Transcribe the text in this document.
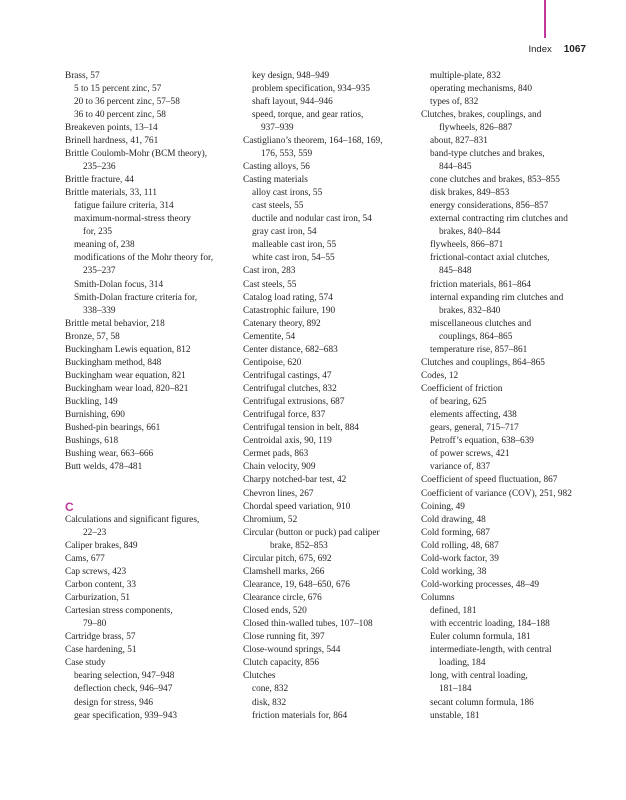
Index 1067
Brass, 57
5 to 15 percent zinc, 57
20 to 36 percent zinc, 57–58
36 to 40 percent zinc, 58
Breakeven points, 13–14
Brinell hardness, 41, 761
Brittle Coulomb-Mohr (BCM theory),
235–236
Brittle fracture, 44
Brittle materials, 33, 111
fatigue failure criteria, 314
maximum-normal-stress theory
for, 235
meaning of, 238
modifications of the Mohr theory for,
235–237
Smith-Dolan focus, 314
Smith-Dolan fracture criteria for,
338–339
Brittle metal behavior, 218
Bronze, 57, 58
Buckingham Lewis equation, 812
Buckingham method, 848
Buckingham wear equation, 821
Buckingham wear load, 820–821
Buckling, 149
Burnishing, 690
Bushed-pin bearings, 661
Bushings, 618
Bushing wear, 663–666
Butt welds, 478–481
C
Calculations and significant figures,
22–23
Caliper brakes, 849
Cams, 677
Cap screws, 423
Carbon content, 33
Carburization, 51
Cartesian stress components,
79–80
Cartridge brass, 57
Case hardening, 51
Case study
bearing selection, 947–948
deflection check, 946–947
design for stress, 946
gear specification, 939–943
key design, 948–949
problem specification, 934–935
shaft layout, 944–946
speed, torque, and gear ratios,
937–939
Castigliano’s theorem, 164–168, 169,
176, 553, 559
Casting alloys, 56
Casting materials
alloy cast irons, 55
cast steels, 55
ductile and nodular cast iron, 54
gray cast iron, 54
malleable cast iron, 55
white cast iron, 54–55
Cast iron, 283
Cast steels, 55
Catalog load rating, 574
Catastrophic failure, 190
Catenary theory, 892
Cementite, 54
Center distance, 682–683
Centipoise, 620
Centrifugal castings, 47
Centrifugal clutches, 832
Centrifugal extrusions, 687
Centrifugal force, 837
Centrifugal tension in belt, 884
Centroidal axis, 90, 119
Cermet pads, 863
Chain velocity, 909
Charpy notched-bar test, 42
Chevron lines, 267
Chordal speed variation, 910
Chromium, 52
Circular (button or puck) pad caliper
brake, 852–853
Circular pitch, 675, 692
Clamshell marks, 266
Clearance, 19, 648–650, 676
Clearance circle, 676
Closed ends, 520
Closed thin-walled tubes, 107–108
Close running fit, 397
Close-wound springs, 544
Clutch capacity, 856
Clutches
cone, 832
disk, 832
friction materials for, 864
multiple-plate, 832
operating mechanisms, 840
types of, 832
Clutches, brakes, couplings, and
flywheels, 826–887
about, 827–831
band-type clutches and brakes,
844–845
cone clutches and brakes, 853–855
disk brakes, 849–853
energy considerations, 856–857
external contracting rim clutches and
brakes, 840–844
flywheels, 866–871
frictional-contact axial clutches,
845–848
friction materials, 861–864
internal expanding rim clutches and
brakes, 832–840
miscellaneous clutches and
couplings, 864–865
temperature rise, 857–861
Clutches and couplings, 864–865
Codes, 12
Coefficient of friction
of bearing, 625
elements affecting, 438
gears, general, 715–717
Petroff’s equation, 638–639
of power screws, 421
variance of, 837
Coefficient of speed fluctuation, 867
Coefficient of variance (COV), 251, 982
Coining, 49
Cold drawing, 48
Cold forming, 687
Cold rolling, 48, 687
Cold-work factor, 39
Cold working, 38
Cold-working processes, 48–49
Columns
defined, 181
with eccentric loading, 184–188
Euler column formula, 181
intermediate-length, with central
loading, 184
long, with central loading,
181–184
secant column formula, 186
unstable, 181
